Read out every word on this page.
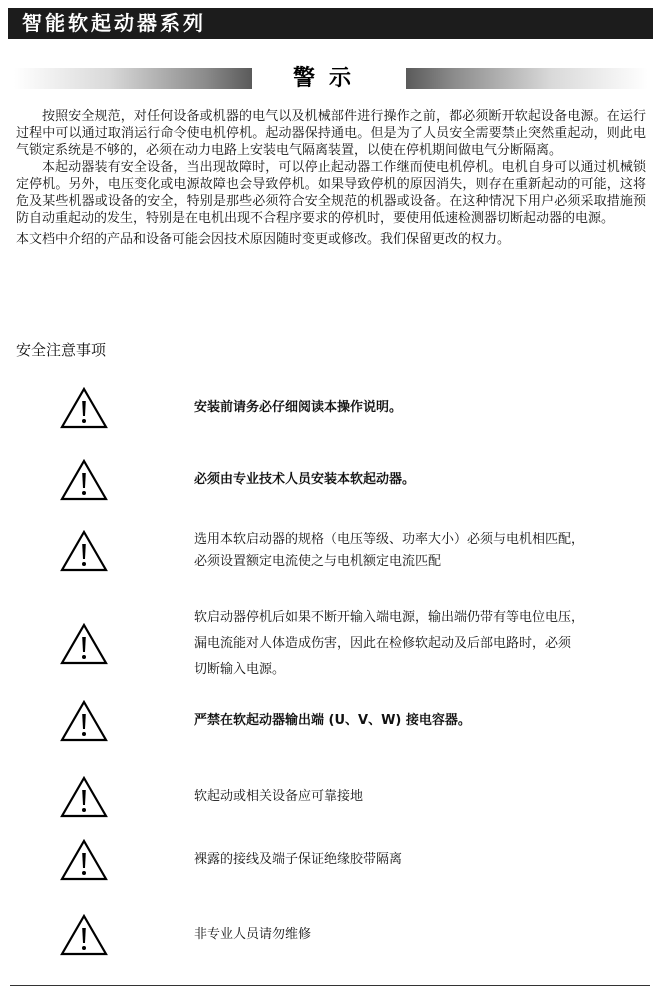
智能软起动器系列
警示

按照安全规范，对任何设备或机器的电气以及机械部件进行操作之前，都必须断开软起设备电源。在运行过程中可以通过取消运行命令使电机停机。起动器保持通电。但是为了人员安全需要禁止突然重起动，则此电气锁定系统是不够的，必须在动力电路上安装电气隔离装置，以使在停机期间做电气分断隔离。

本起动器装有安全设备，当出现故障时，可以停止起动器工作继而使电机停机。电机自身可以通过机械锁定停机。另外，电压变化或电源故障也会导致停机。如果导致停机的原因消失，则存在重新起动的可能，这将危及某些机器或设备的安全，特别是那些必须符合安全规范的机器或设备。在这种情况下用户必须采取措施预防自动重起动的发生，特别是在电机出现不合程序要求的停机时，要使用低速检测器切断起动器的电源。

本文档中介绍的产品和设备可能会因技术原因随时变更或修改。我们保留更改的权力。

安全注意事项
安装前请务必仔细阅读本操作说明。
必须由专业技术人员安装本软起动器。
选用本软启动器的规格（电压等级、功率大小）必须与电机相匹配，
必须设置额定电流使之与电机额定电流匹配
软启动器停机后如果不断开输入端电源，输出端仍带有等电位电压，
漏电流能对人体造成伤害，因此在检修软起动及后部电路时，必须
切断输入电源。
严禁在软起动器输出端 (U、V、W) 接电容器。
软起动或相关设备应可靠接地
裸露的接线及端子保证绝缘胶带隔离
非专业人员请勿维修
